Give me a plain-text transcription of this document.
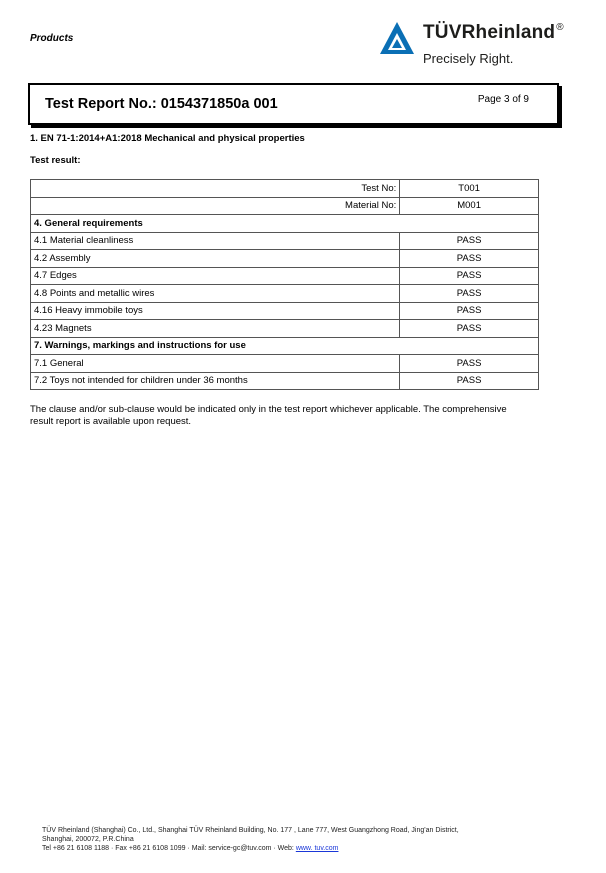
Products	TÜVRheinland®
Precisely Right.
Test Report No.: 0154371850a 001	Page 3 of 9
1. EN 71-1:2014+A1:2018 Mechanical and physical properties
Test result:
Test No:	T001
Material No:	M001
4. General requirements	
4.1 Material cleanliness	PASS
4.2 Assembly	PASS
4.7 Edges	PASS
4.8 Points and metallic wires	PASS
4.16 Heavy immobile toys	PASS
4.23 Magnets	PASS
7. Warnings, markings and instructions for use	
7.1 General	PASS
7.2 Toys not intended for children under 36 months	PASS
The clause and/or sub-clause would be indicated only in the test report whichever applicable. The comprehensive result report is available upon request.
TÜV Rheinland (Shanghai) Co., Ltd., Shanghai TÜV Rheinland Building, No. 177 , Lane 777, West Guangzhong Road, Jing'an District,
Shanghai, 200072, P.R.China
Tel +86 21 6108 1188 · Fax +86 21 6108 1099 · Mail: service-gc@tuv.com · Web: www. tuv.com
